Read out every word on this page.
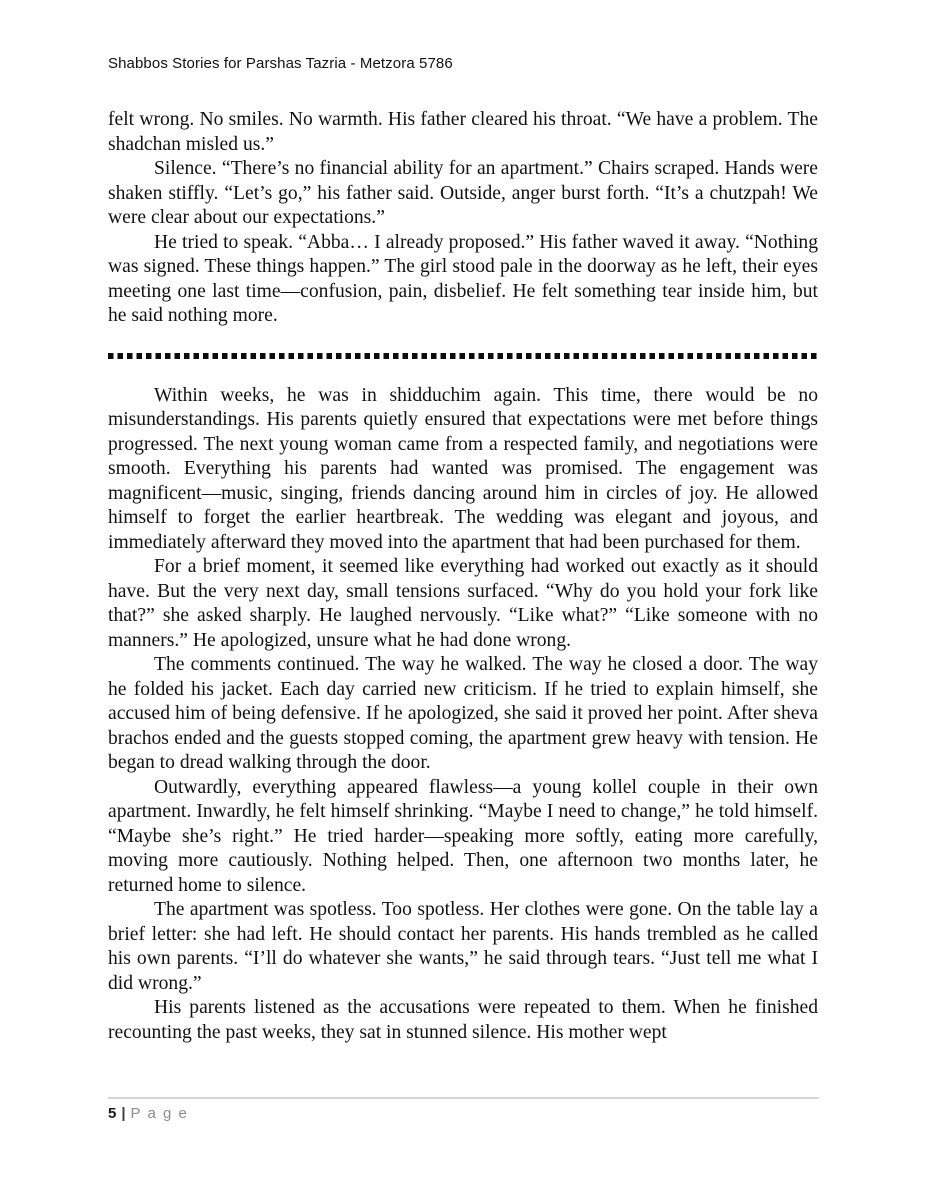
Shabbos Stories for Parshas Tazria - Metzora 5786

felt wrong. No smiles. No warmth. His father cleared his throat. “We have a problem. The shadchan misled us.”

Silence. “There’s no financial ability for an apartment.” Chairs scraped. Hands were shaken stiffly. “Let’s go,” his father said. Outside, anger burst forth. “It’s a chutzpah! We were clear about our expectations.”

He tried to speak. “Abba… I already proposed.” His father waved it away. “Nothing was signed. These things happen.” The girl stood pale in the doorway as he left, their eyes meeting one last time—confusion, pain, disbelief. He felt something tear inside him, but he said nothing more.

Within weeks, he was in shidduchim again. This time, there would be no misunderstandings. His parents quietly ensured that expectations were met before things progressed. The next young woman came from a respected family, and negotiations were smooth. Everything his parents had wanted was promised. The engagement was magnificent—music, singing, friends dancing around him in circles of joy. He allowed himself to forget the earlier heartbreak. The wedding was elegant and joyous, and immediately afterward they moved into the apartment that had been purchased for them.

For a brief moment, it seemed like everything had worked out exactly as it should have. But the very next day, small tensions surfaced. “Why do you hold your fork like that?” she asked sharply. He laughed nervously. “Like what?” “Like someone with no manners.” He apologized, unsure what he had done wrong.

The comments continued. The way he walked. The way he closed a door. The way he folded his jacket. Each day carried new criticism. If he tried to explain himself, she accused him of being defensive. If he apologized, she said it proved her point. After sheva brachos ended and the guests stopped coming, the apartment grew heavy with tension. He began to dread walking through the door.

Outwardly, everything appeared flawless—a young kollel couple in their own apartment. Inwardly, he felt himself shrinking. “Maybe I need to change,” he told himself. “Maybe she’s right.” He tried harder—speaking more softly, eating more carefully, moving more cautiously. Nothing helped. Then, one afternoon two months later, he returned home to silence.

The apartment was spotless. Too spotless. Her clothes were gone. On the table lay a brief letter: she had left. He should contact her parents. His hands trembled as he called his own parents. “I’ll do whatever she wants,” he said through tears. “Just tell me what I did wrong.”

His parents listened as the accusations were repeated to them. When he finished recounting the past weeks, they sat in stunned silence. His mother wept

5 | P a g e
